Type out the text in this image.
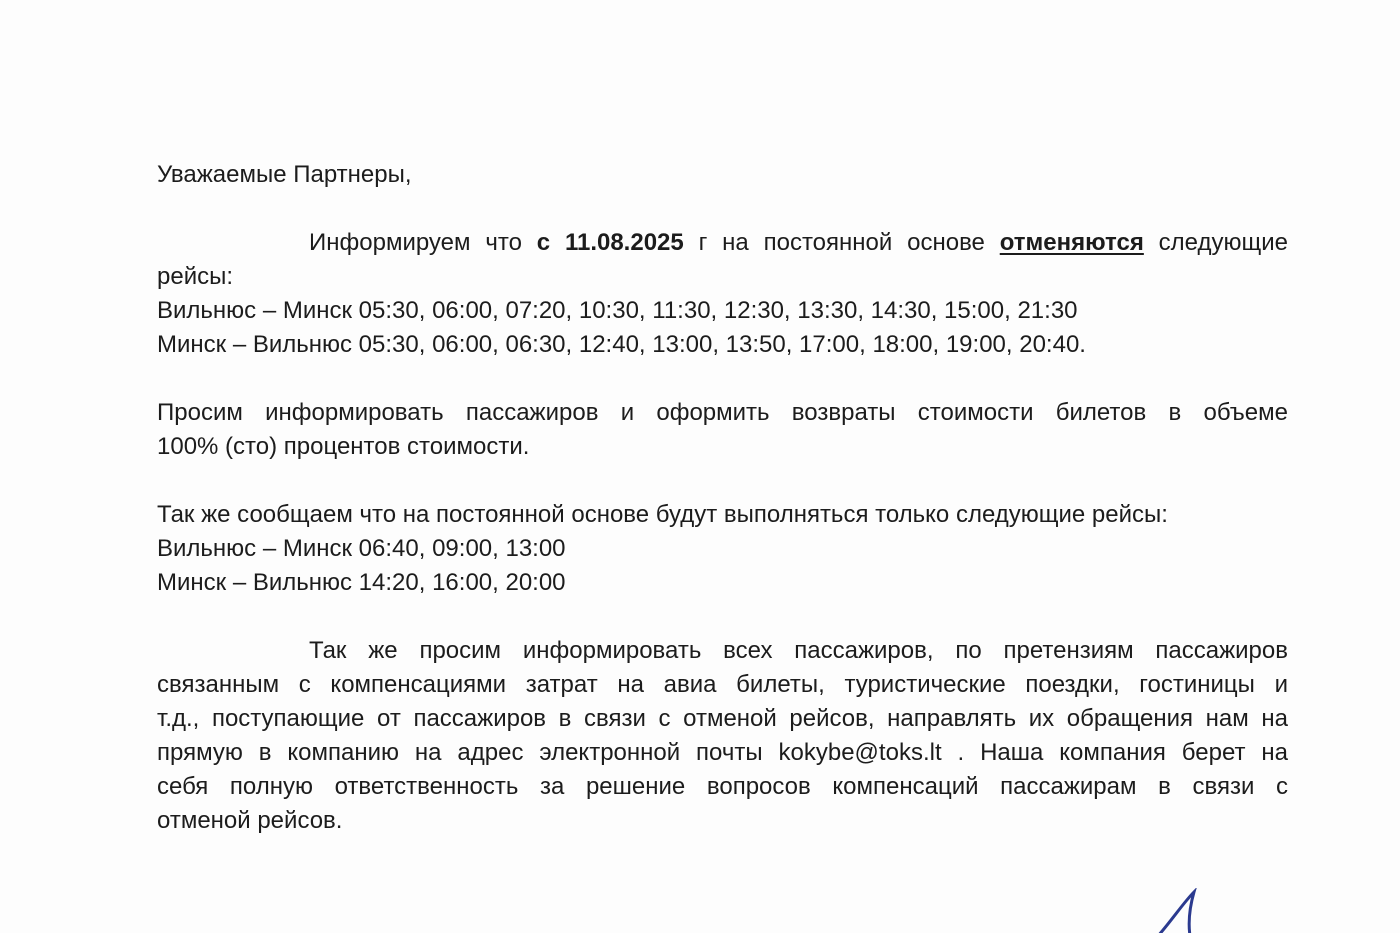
Уважаемые Партнеры,
Информируем что с 11.08.2025 г на постоянной основе отменяются следующие
рейсы:
Вильнюс – Минск 05:30, 06:00, 07:20, 10:30, 11:30, 12:30, 13:30, 14:30, 15:00, 21:30
Минск – Вильнюс 05:30, 06:00, 06:30, 12:40, 13:00, 13:50, 17:00, 18:00, 19:00, 20:40.
Просим информировать пассажиров и оформить возвраты стоимости билетов в объеме
100% (сто) процентов стоимости.
Так же сообщаем что на постоянной основе будут выполняться только следующие рейсы:
Вильнюс – Минск 06:40, 09:00, 13:00
Минск – Вильнюс 14:20, 16:00, 20:00
Так же просим информировать всех пассажиров, по претензиям пассажиров
связанным с компенсациями затрат на авиа билеты, туристические поездки, гостиницы и
т.д., поступающие от пассажиров в связи с отменой рейсов, направлять их обращения нам на
прямую в компанию на адрес электронной почты kokybe@toks.lt . Наша компания берет на
себя полную ответственность за решение вопросов компенсаций пассажирам в связи с
отменой рейсов.
